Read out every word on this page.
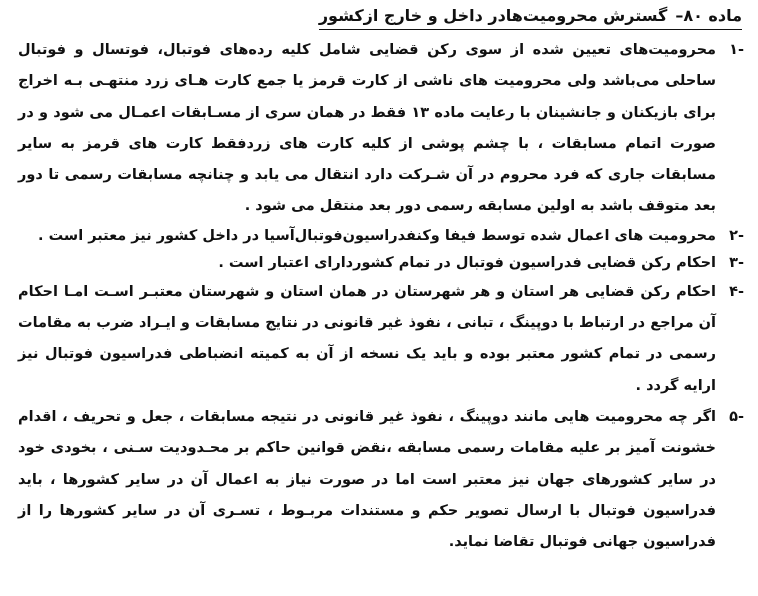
ماده ۸۰–گسترش محرومیت‌هادر داخل و خارج ازکشور
-۱
محرومیت‌های تعیین شده از سوی رکن قضایی شامل کلیه رده‌های فوتبال، فوتسال و فوتبال ساحلی می‌باشد ولی محرومیت های ناشی از کارت قرمز یا جمع کارت هـای زرد منتهـی بـه اخراج برای بازیکنان و جانشینان با رعایت ماده ۱۳ فقط در همان سری از مسـابقات اعمـال می شود و در صورت اتمام مسابقات ، با چشم پوشی از کلیه کارت های زردفقط کارت های قرمز به سایر مسابقات جاری که فرد محروم در آن شـرکت دارد انتقال می یابد و چنانچه مسابقات رسمی تا دور بعد متوقف باشد به اولین مسابقه رسمی دور بعد منتقل می شود .
-۲
محرومیت های اعمال شده توسط فیفا وکنفدراسیون‌فوتبال‌آسیا در داخل کشور نیز معتبر است .
-۳
احکام رکن قضایی فدراسیون فوتبال در تمام کشوردارای اعتبار است .
-۴
احکام رکن قضایی هر استان و هر شهرستان در همان استان و شهرستان معتبـر اسـت امـا احکام آن مراجع در ارتباط با دوپینگ ، تبانی ، نفوذ غیر قانونی در نتایج مسابقات و ایـراد ضرب به مقامات رسمی در تمام کشور معتبر بوده و باید یک نسخه از آن به کمیته انضباطی فدراسیون فوتبال نیز ارایه گردد .
-۵
اگر چه محرومیت هایی مانند دوپینگ ، نفوذ غیر قانونی در نتیجه مسابقات ، جعل و تحریف ، اقدام خشونت آمیز بر علیه مقامات رسمی مسابقه ،نقض قوانین حاکم بر محـدودیت سـنی ، بخودی خود در سایر کشورهای جهان نیز معتبر است اما در صورت نیاز به اعمال آن در سایر کشورها ، باید فدراسیون فوتبال با ارسال تصویر حکم و مستندات مربـوط ، تسـری آن در سایر کشورها را از فدراسیون جهانی فوتبال تقاضا نماید.
